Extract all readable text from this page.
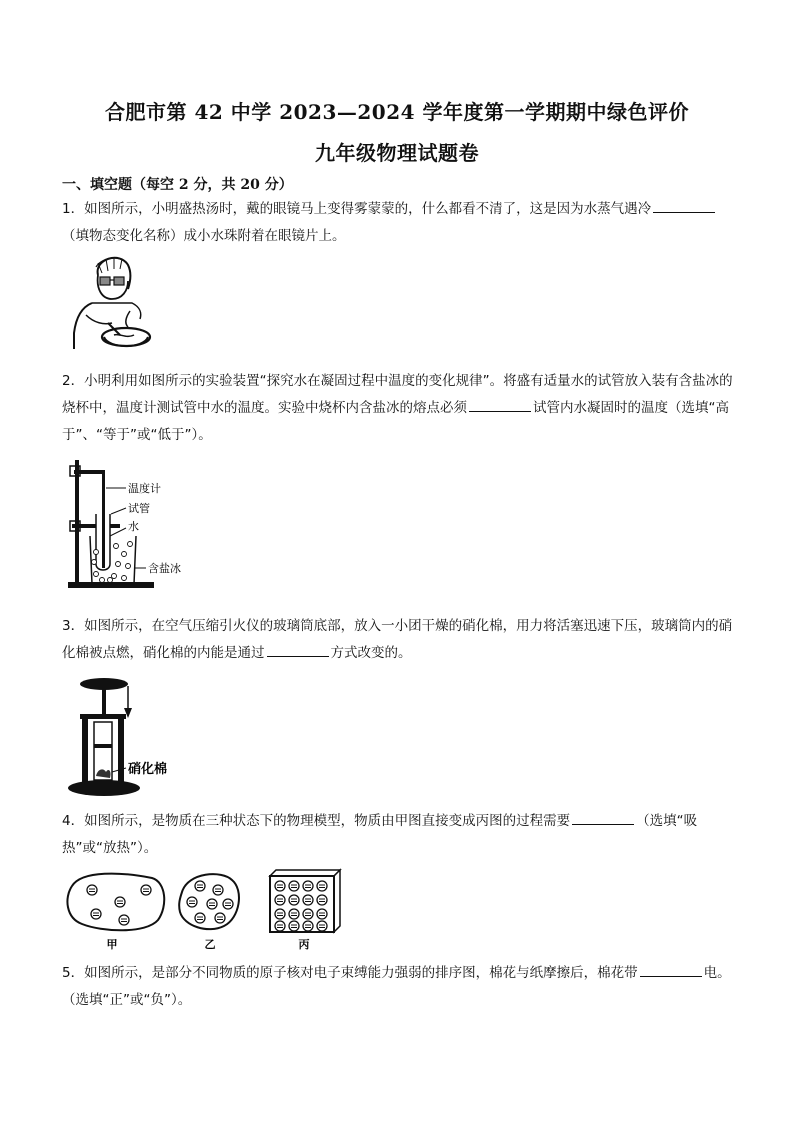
合肥市第 42 中学 2023—2024 学年度第一学期期中绿色评价
九年级物理试题卷
一、填空题（每空 2 分，共 20 分）
1．如图所示，小明盛热汤时，戴的眼镜马上变得雾蒙蒙的，什么都看不清了，这是因为水蒸气遇冷（填物态变化名称）成小水珠附着在眼镜片上。
2．小明利用如图所示的实验装置“探究水在凝固过程中温度的变化规律”。将盛有适量水的试管放入装有含盐冰的烧杯中，温度计测试管中水的温度。实验中烧杯内含盐冰的熔点必须	试管内水凝固时的温度（选填“高于”、“等于”或“低于”）。
温度计
试管
水
含盐冰
3．如图所示，在空气压缩引火仪的玻璃筒底部，放入一小团干燥的硝化棉，用力将活塞迅速下压，玻璃筒内的硝化棉被点燃，硝化棉的内能是通过	方式改变的。
硝化棉
4．如图所示，是物质在三种状态下的物理模型，物质由甲图直接变成丙图的过程需要	（选填“吸热”或“放热”）。
甲	乙	丙
5．如图所示，是部分不同物质的原子核对电子束缚能力强弱的排序图，棉花与纸摩擦后，棉花带	电。（选填“正”或“负”）。
